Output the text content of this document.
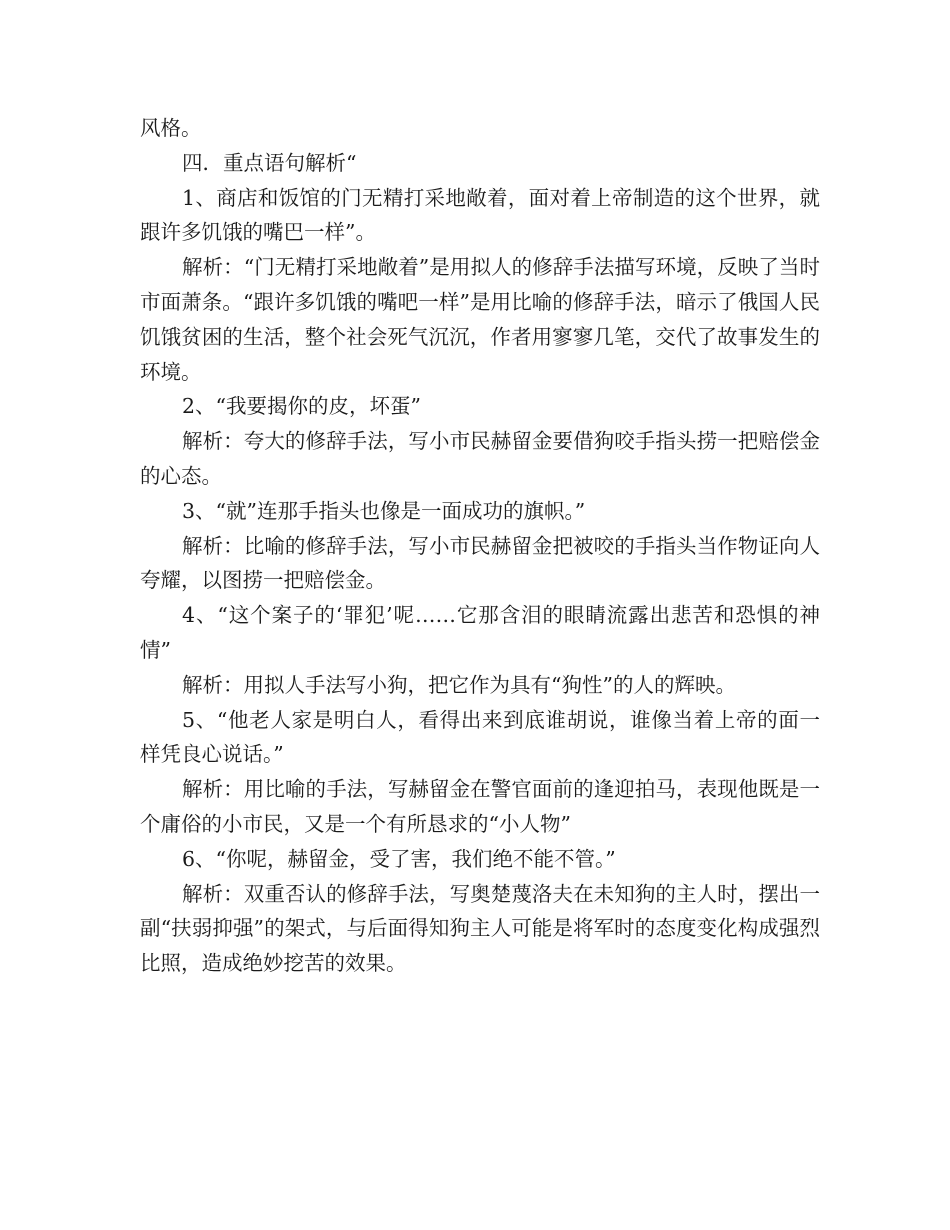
风格。

四．重点语句解析“

1、商店和饭馆的门无精打采地敞着，面对着上帝制造的这个世界，就跟许多饥饿的嘴巴一样”。

解析：“门无精打采地敞着”是用拟人的修辞手法描写环境，反映了当时市面萧条。“跟许多饥饿的嘴吧一样”是用比喻的修辞手法，暗示了俄国人民饥饿贫困的生活，整个社会死气沉沉，作者用寥寥几笔，交代了故事发生的环境。

2、“我要揭你的皮，坏蛋”

解析：夸大的修辞手法，写小市民赫留金要借狗咬手指头捞一把赔偿金的心态。

3、“就”连那手指头也像是一面成功的旗帜。”

解析：比喻的修辞手法，写小市民赫留金把被咬的手指头当作物证向人夸耀，以图捞一把赔偿金。

4、“这个案子的‘罪犯’呢……它那含泪的眼睛流露出悲苦和恐惧的神情”

解析：用拟人手法写小狗，把它作为具有“狗性”的人的辉映。

5、“他老人家是明白人，看得出来到底谁胡说，谁像当着上帝的面一样凭良心说话。”

解析：用比喻的手法，写赫留金在警官面前的逢迎拍马，表现他既是一个庸俗的小市民，又是一个有所恳求的“小人物”

6、“你呢，赫留金，受了害，我们绝不能不管。”

解析：双重否认的修辞手法，写奥楚蔑洛夫在未知狗的主人时，摆出一副“扶弱抑强”的架式，与后面得知狗主人可能是将军时的态度变化构成强烈比照，造成绝妙挖苦的效果。
